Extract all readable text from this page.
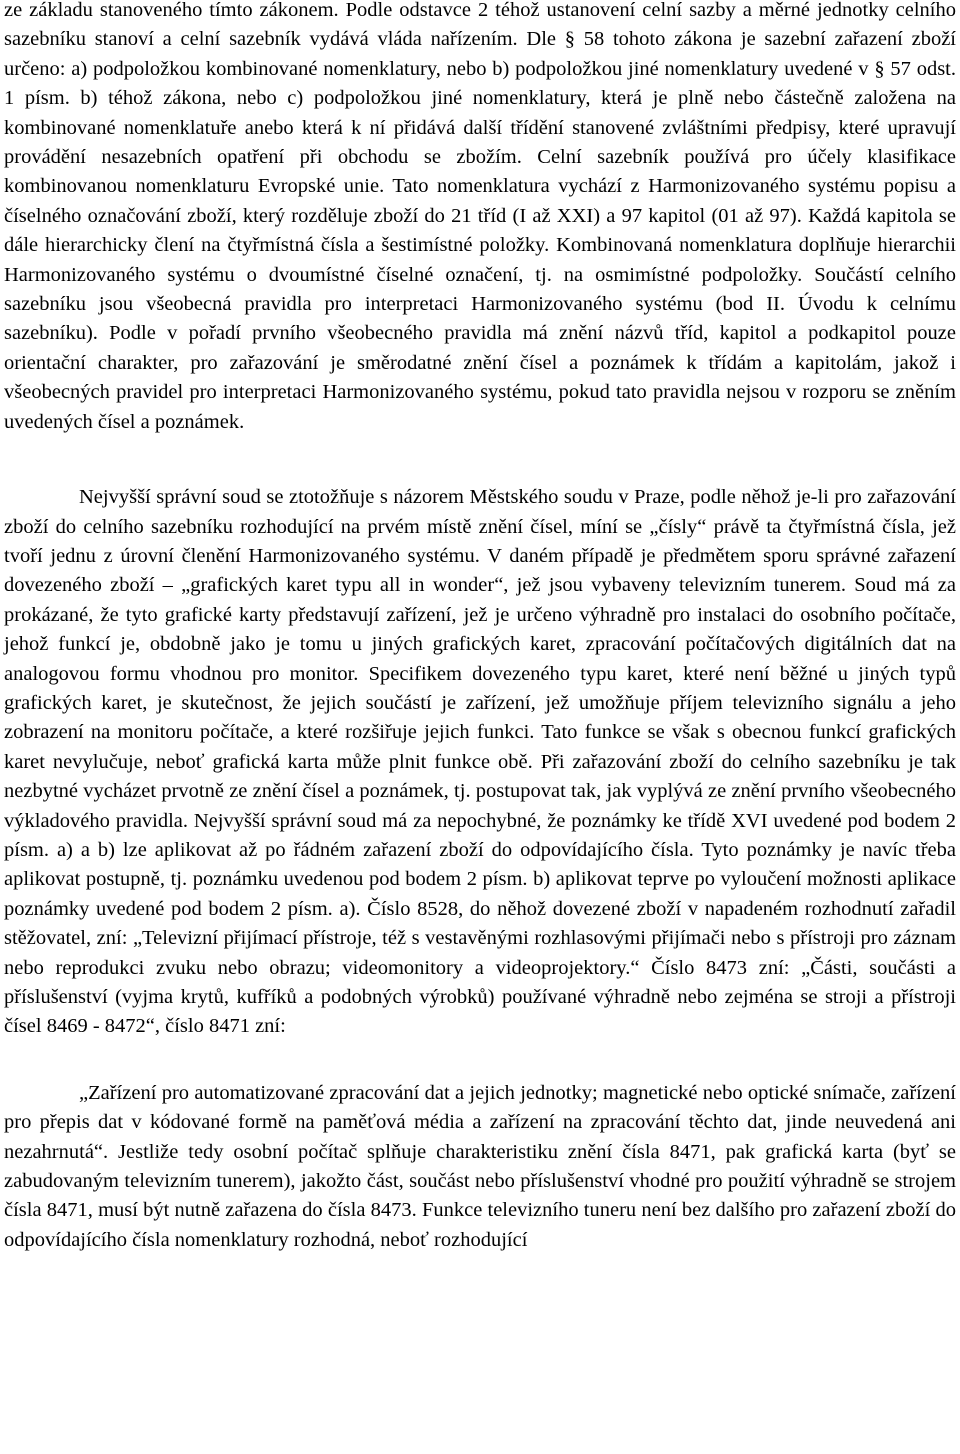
ze základu stanoveného tímto zákonem. Podle odstavce 2 téhož ustanovení celní sazby a měrné jednotky celního sazebníku stanoví a celní sazebník vydává vláda nařízením. Dle § 58 tohoto zákona je sazební zařazení zboží určeno: a) podpoložkou kombinované nomenklatury, nebo b) podpoložkou jiné nomenklatury uvedené v § 57 odst. 1 písm. b) téhož zákona, nebo c) podpoložkou jiné nomenklatury, která je plně nebo částečně založena na kombinované nomenklatuře anebo která k ní přidává další třídění stanovené zvláštními předpisy, které upravují provádění nesazebních opatření při obchodu se zbožím. Celní sazebník používá pro účely klasifikace kombinovanou nomenklaturu Evropské unie. Tato nomenklatura vychází z Harmonizovaného systému popisu a číselného označování zboží, který rozděluje zboží do 21 tříd (I až XXI) a 97 kapitol (01 až 97). Každá kapitola se dále hierarchicky člení na čtyřmístná čísla a šestimístné položky. Kombinovaná nomenklatura doplňuje hierarchii Harmonizovaného systému o dvoumístné číselné označení, tj. na osmimístné podpoložky. Součástí celního sazebníku jsou všeobecná pravidla pro interpretaci Harmonizovaného systému (bod II. Úvodu k celnímu sazebníku). Podle v pořadí prvního všeobecného pravidla má znění názvů tříd, kapitol a podkapitol pouze orientační charakter, pro zařazování je směrodatné znění čísel a poznámek k třídám a kapitolám, jakož i všeobecných pravidel pro interpretaci Harmonizovaného systému, pokud tato pravidla nejsou v rozporu se zněním uvedených čísel a poznámek.

Nejvyšší správní soud se ztotožňuje s názorem Městského soudu v Praze, podle něhož je-li pro zařazování zboží do celního sazebníku rozhodující na prvém místě znění čísel, míní se „čísly“ právě ta čtyřmístná čísla, jež tvoří jednu z úrovní členění Harmonizovaného systému. V daném případě je předmětem sporu správné zařazení dovezeného zboží – „grafických karet typu all in wonder“, jež jsou vybaveny televizním tunerem. Soud má za prokázané, že tyto grafické karty představují zařízení, jež je určeno výhradně pro instalaci do osobního počítače, jehož funkcí je, obdobně jako je tomu u jiných grafických karet, zpracování počítačových digitálních dat na analogovou formu vhodnou pro monitor. Specifikem dovezeného typu karet, které není běžné u jiných typů grafických karet, je skutečnost, že jejich součástí je zařízení, jež umožňuje příjem televizního signálu a jeho zobrazení na monitoru počítače, a které rozšiřuje jejich funkci. Tato funkce se však s obecnou funkcí grafických karet nevylučuje, neboť grafická karta může plnit funkce obě. Při zařazování zboží do celního sazebníku je tak nezbytné vycházet prvotně ze znění čísel a poznámek, tj. postupovat tak, jak vyplývá ze znění prvního všeobecného výkladového pravidla. Nejvyšší správní soud má za nepochybné, že poznámky ke třídě XVI uvedené pod bodem 2 písm. a) a b) lze aplikovat až po řádném zařazení zboží do odpovídajícího čísla. Tyto poznámky je navíc třeba aplikovat postupně, tj. poznámku uvedenou pod bodem 2 písm. b) aplikovat teprve po vyloučení možnosti aplikace poznámky uvedené pod bodem 2 písm. a). Číslo 8528, do něhož dovezené zboží v napadeném rozhodnutí zařadil stěžovatel, zní: „Televizní přijímací přístroje, též s vestavěnými rozhlasovými přijímači nebo s přístroji pro záznam nebo reprodukci zvuku nebo obrazu; videomonitory a videoprojektory.“ Číslo 8473 zní: „Části, součásti a příslušenství (vyjma krytů, kufříků a podobných výrobků) používané výhradně nebo zejména se stroji a přístroji čísel 8469 - 8472“, číslo 8471 zní:

„Zařízení pro automatizované zpracování dat a jejich jednotky; magnetické nebo optické snímače, zařízení pro přepis dat v kódované formě na paměťová média a zařízení na zpracování těchto dat, jinde neuvedená ani nezahrnutá“. Jestliže tedy osobní počítač splňuje charakteristiku znění čísla 8471, pak grafická karta (byť se zabudovaným televizním tunerem), jakožto část, součást nebo příslušenství vhodné pro použití výhradně se strojem čísla 8471, musí být nutně zařazena do čísla 8473. Funkce televizního tuneru není bez dalšího pro zařazení zboží do odpovídajícího čísla nomenklatury rozhodná, neboť rozhodující
